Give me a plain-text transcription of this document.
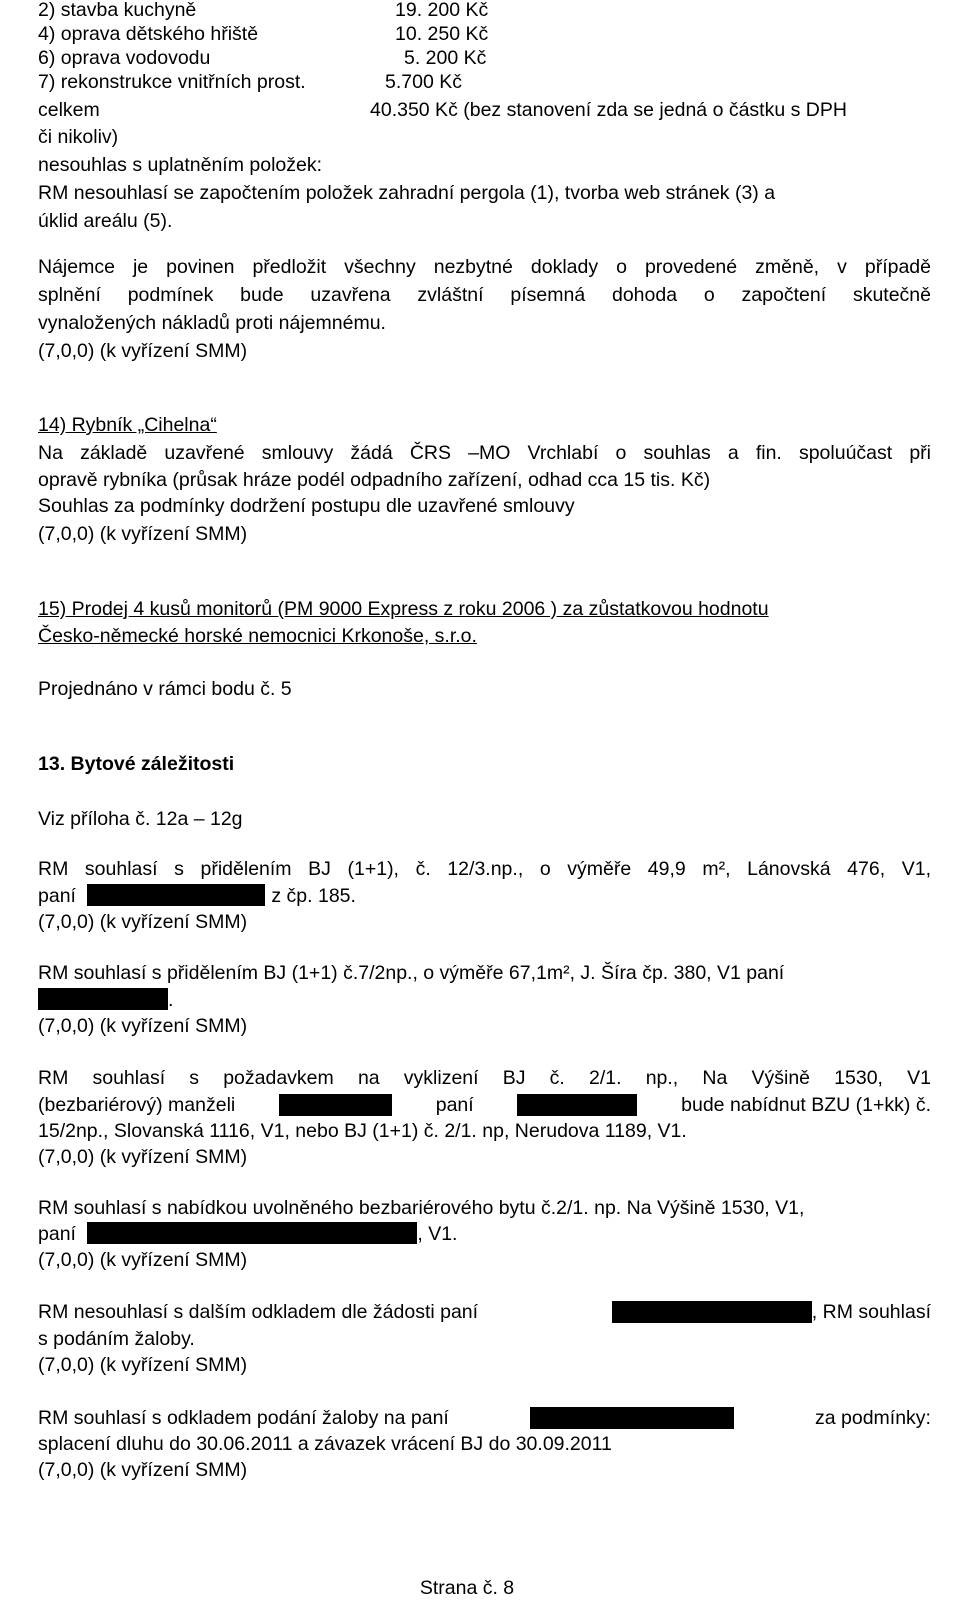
2) stavba kuchyně	19. 200 Kč
4) oprava dětského hřiště	10. 250 Kč
6) oprava vodovodu	5. 200 Kč
7) rekonstrukce vnitřních prost.	5.700 Kč
celkem	40.350 Kč (bez stanovení zda se jedná o částku s DPH
či nikoliv)
nesouhlas s uplatněním položek:
RM nesouhlasí se započtením položek zahradní pergola (1), tvorba web stránek (3) a
úklid areálu (5).
Nájemce je povinen předložit všechny nezbytné doklady o provedené změně, v případě
splnění podmínek bude uzavřena zvláštní písemná dohoda o započtení skutečně
vynaložených nákladů proti nájemnému.
(7,0,0) (k vyřízení SMM)
14) Rybník „Cihelna“
Na základě uzavřené smlouvy žádá ČRS –MO Vrchlabí o souhlas a fin. spoluúčast při
opravě rybníka (průsak hráze podél odpadního zařízení, odhad cca 15 tis. Kč)
Souhlas za podmínky dodržení postupu dle uzavřené smlouvy
(7,0,0) (k vyřízení SMM)
15) Prodej 4 kusů monitorů (PM 9000 Express z roku 2006 ) za zůstatkovou hodnotu
Česko-německé horské nemocnici Krkonoše, s.r.o.
Projednáno v rámci bodu č. 5
13. Bytové záležitosti
Viz příloha č. 12a – 12g
RM souhlasí s přidělením BJ (1+1), č. 12/3.np., o výměře 49,9 m², Lánovská 476, V1,
paní	z čp. 185.
(7,0,0) (k vyřízení SMM)
RM souhlasí s přidělením BJ (1+1) č.7/2np., o výměře 67,1m², J. Šíra čp. 380, V1 paní
.
(7,0,0) (k vyřízení SMM)
RM souhlasí s požadavkem na vyklizení BJ č. 2/1. np., Na Výšině 1530, V1
(bezbariérový) manželi	paní	bude nabídnut BZU (1+kk) č.
15/2np., Slovanská 1116, V1, nebo BJ (1+1) č. 2/1. np, Nerudova 1189, V1.
(7,0,0) (k vyřízení SMM)
RM souhlasí s nabídkou uvolněného bezbariérového bytu č.2/1. np. Na Výšině 1530, V1,
paní	, V1.
(7,0,0) (k vyřízení SMM)
RM nesouhlasí s dalším odkladem dle žádosti paní	, RM souhlasí
s podáním žaloby.
(7,0,0) (k vyřízení SMM)
RM souhlasí s odkladem podání žaloby na paní	za podmínky:
splacení dluhu do 30.06.2011 a závazek vrácení BJ do 30.09.2011
(7,0,0) (k vyřízení SMM)
Strana č. 8
